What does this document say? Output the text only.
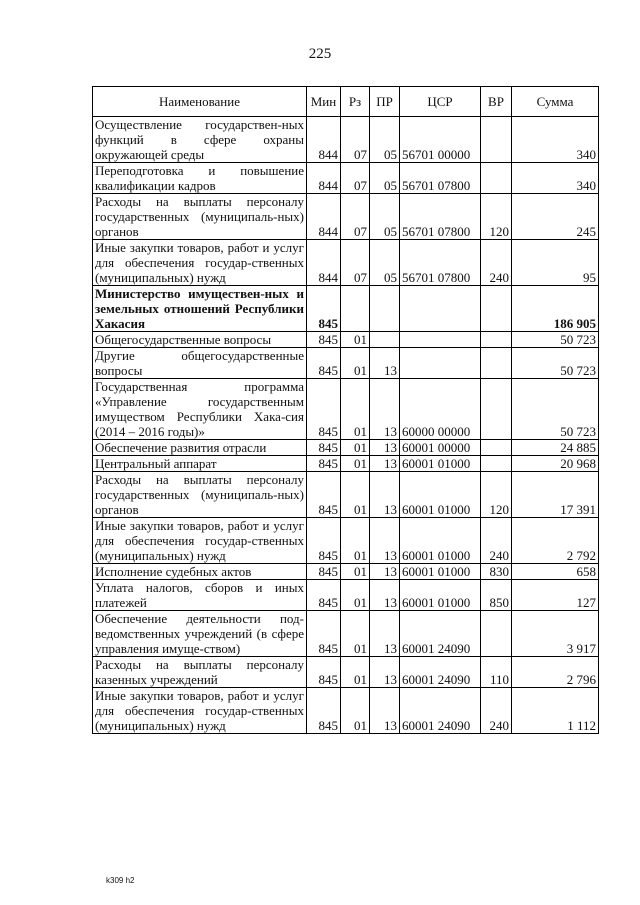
225
Наименование	Мин	Рз	ПР	ЦСР	ВР	Сумма
Осуществление государствен-ных функций в сфере охраны окружающей среды	844	07	05	56701 00000		340
Переподготовка и повышение квалификации кадров	844	07	05	56701 07800		340
Расходы на выплаты персоналу государственных (муниципаль-ных) органов	844	07	05	56701 07800	120	245
Иные закупки товаров, работ и услуг для обеспечения государ-ственных (муниципальных) нужд	844	07	05	56701 07800	240	95
Министерство имуществен-ных и земельных отношений Республики Хакасия	845					186 905
Общегосударственные вопросы	845	01				50 723
Другие общегосударственные вопросы	845	01	13			50 723
Государственная программа «Управление государственным имуществом Республики Хака-сия (2014 – 2016 годы)»	845	01	13	60000 00000		50 723
Обеспечение развития отрасли	845	01	13	60001 00000		24 885
Центральный аппарат	845	01	13	60001 01000		20 968
Расходы на выплаты персоналу государственных (муниципаль-ных) органов	845	01	13	60001 01000	120	17 391
Иные закупки товаров, работ и услуг для обеспечения государ-ственных (муниципальных) нужд	845	01	13	60001 01000	240	2 792
Исполнение судебных актов	845	01	13	60001 01000	830	658
Уплата налогов, сборов и иных платежей	845	01	13	60001 01000	850	127
Обеспечение деятельности под-ведомственных учреждений (в сфере управления имуще-ством)	845	01	13	60001 24090		3 917
Расходы на выплаты персоналу казенных учреждений	845	01	13	60001 24090	110	2 796
Иные закупки товаров, работ и услуг для обеспечения государ-ственных (муниципальных) нужд	845	01	13	60001 24090	240	1 112
k309 h2
